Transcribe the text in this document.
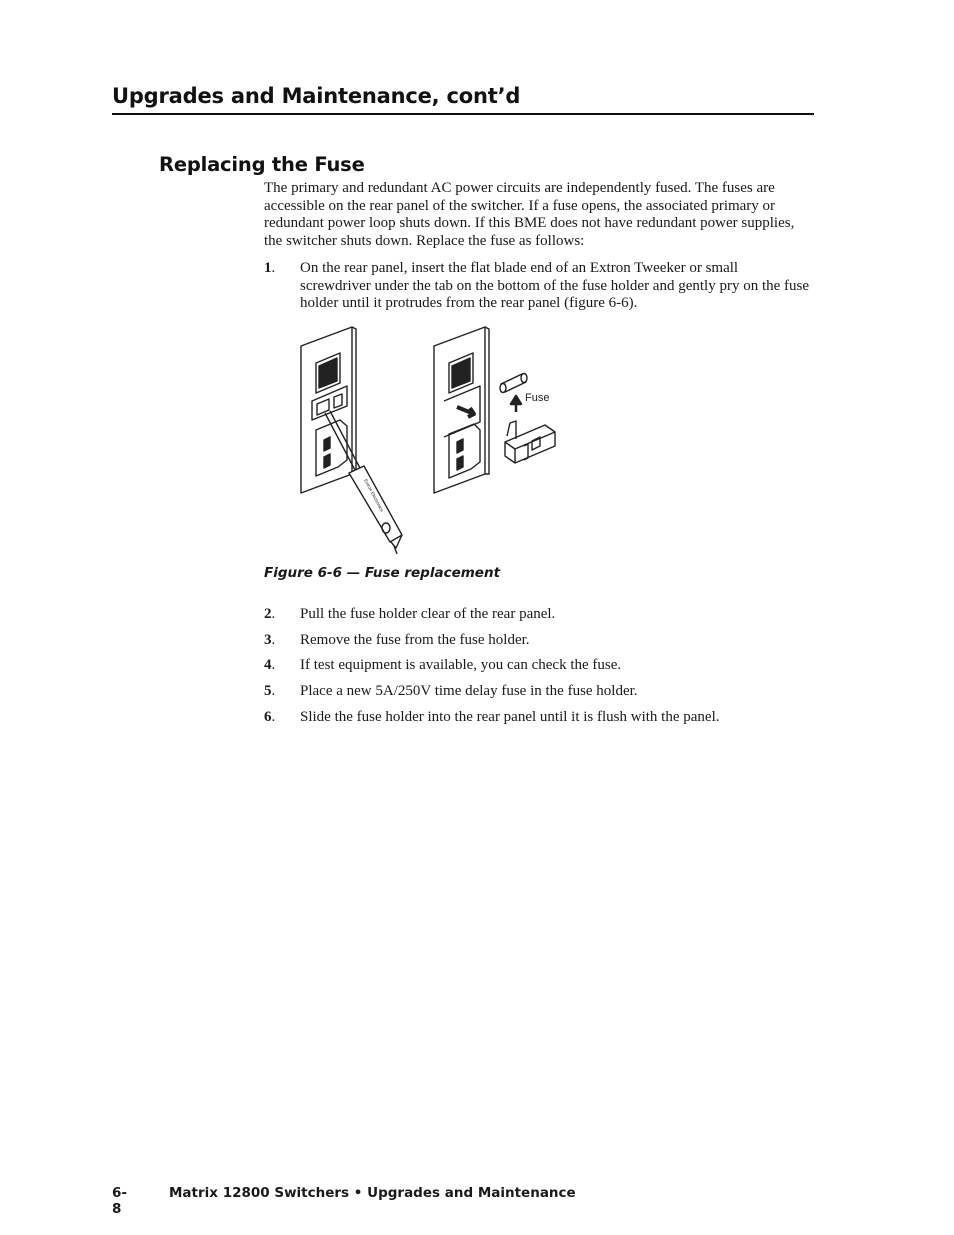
Upgrades and Maintenance, cont’d
Replacing the Fuse

The primary and redundant AC power circuits are independently fused. The fuses are accessible on the rear panel of the switcher. If a fuse opens, the associated primary or redundant power loop shuts down. If this BME does not have redundant power supplies, the switcher shuts down. Replace the fuse as follows:

1. On the rear panel, insert the flat blade end of an Extron Tweeker or small screwdriver under the tab on the bottom of the fuse holder and gently pry on the fuse holder until it protrudes from the rear panel (figure 6-6).
Fuse
Extron Electronics
Figure 6-6 — Fuse replacement
2. Pull the fuse holder clear of the rear panel.
3. Remove the fuse from the fuse holder.
4. If test equipment is available, you can check the fuse.
5. Place a new 5A/250V time delay fuse in the fuse holder.
6. Slide the fuse holder into the rear panel until it is flush with the panel.
6-8
Matrix 12800 Switchers • Upgrades and Maintenance
